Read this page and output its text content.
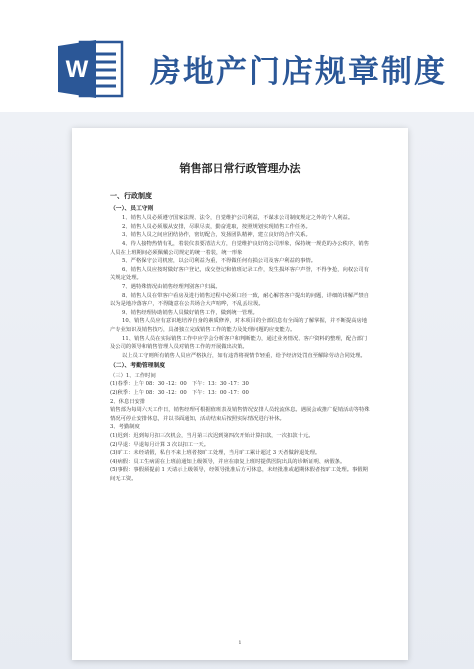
W 房地产门店规章制度
销售部日常行政管理办法

一、行政制度

（一）、员工守则

1、销售人员必须遵守国家法规、法令，自觉维护公司利益，不谋求公司制度规定之外的个人利益。

2、销售人员必须服从安排，尽职尽责，勤奋进取，按照规划实现销售工作任务。

3、销售人员之间应团结协作，密切配合，发扬团队精神，建立良好的合作关系。

4、待人接物热情有礼，着装仪表要清洁大方，自觉维护良好的公司形象，保持统一规范的办公秩序，销售人员在上班期间必须佩戴公司规定的统一着装，统一形象

5、严格保守公司机密，以公司利益为重，不得做任何有损公司及客户利益的事情。

6、销售人员应按时做好客户登记，成交登记和值班记录工作，发生损坏客户声誉，不得争抢，向权公司有关规定处理。

7、遇特殊情况由销售经理判别客户归属。

8、销售人员在带客户看房及进行销售过程中必须口径一致，耐心解答客户提出的问题，详细的讲解严禁自以为是地冷落客户，不得随意在公共场合大声喧哗，不乱丢垃圾。

9、销售经理协助销售人员做好销售工作，做到统一管理。

10、销售人员应有意识地培养自身的素质修养，对本项目的全部信息有全面的了解掌握，并不断提高房地产专业知识及销售技巧，具备独立完成销售工作的能力及处理问题的应变能力。

11、销售人员在实际销售工作中应学会分析客户和判断能力，通过业务情况、客户资料的整理，配合部门及公司的领导和销售管理人员对销售工作的开展做出决策。

以上员工守则所有销售人员应严格执行，如有违背将视情节轻重，给予经济处罚直至解除劳动合同处理。

（二）、考勤管理制度

（三）1、工作时间

(1)春季：上午 08：30 -12：00　下午：13：30 -17：30

(2)秋季：上午 08：30 -12：00　下午：13：00 -17：00

2、休息日安排

销售部为每周六天工作日，销售经理可根据值班表及销售情况安排人员轮流休息。遇展会或推广促销活动等特殊情况可停止安排休息，并以书面通知，活动结束后按照实际情况进行补休。

3、考勤制度

(1)迟到：迟到每月扣三次机会，当月第三次迟到第四次开始计算扣款，一次扣款十元。

(2)早退：早退每月计算 3 次以扣工一天。

(3)旷工：未经请假，私自不来上班者按旷工处理，当月旷工累计超过 3 天者做辞退处理。

(4)病假：员工生病需在上班前通知上级领导，并应在康复上班时提供医院出具的诊断证明、病假条。

(5)事假：事假须提前 1 天请示上级领导，经领导批准后方可休息，未经批准或超期休假者按旷工处理。事假期间无工资。

1
